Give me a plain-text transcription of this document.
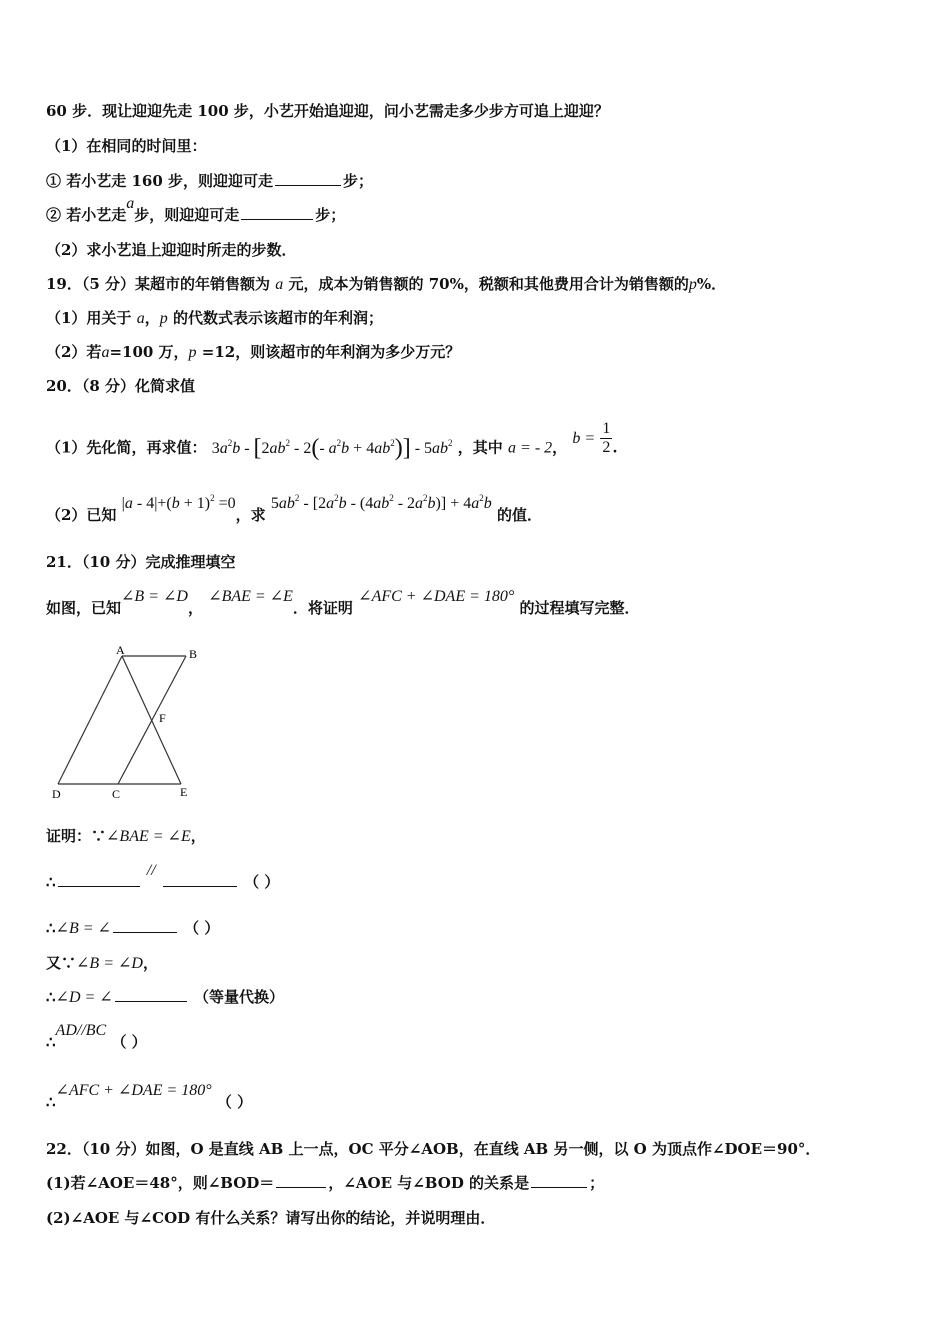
60 步．现让迎迎先走 100 步，小艺开始追迎迎，问小艺需走多少步方可追上迎迎？
（1）在相同的时间里：
① 若小艺走 160 步，则迎迎可走	步；
② 若小艺走a步，则迎迎可走	步；
（2）求小艺追上迎迎时所走的步数．
19．（5 分）某超市的年销售额为 a 元，成本为销售额的 70%，税额和其他费用合计为销售额的p%．
（1）用关于 a，p 的代数式表示该超市的年利润；
（2）若a=100 万，p =12，则该超市的年利润为多少万元？
20．（8 分）化简求值
（1）先化简，再求值： $3a^2b - [2ab^2 - 2(-$ $a^2b + 4ab^2)] - 5ab^2$ ，其中 a = - 2， $b = \frac{1}{2}$ .
（2）已知 $|a - 4|+(b + 1)^2 =0$，求 $5ab^2 - [2a^2b - (4ab^2 - 2a^2b)] + 4a^2b$ 的值．
21．（10 分）完成推理填空
如图，已知∠B = ∠D， ∠BAE = ∠E．将证明 ∠AFC + ∠DAE = 180° 的过程填写完整．
A	B
F
D	C	E
证明：∵∠BAE = ∠E，
∴ //  （ ）
∴∠B = ∠	（ ）
又∵∠B = ∠D，
∴∠D = ∠	（等量代换）
∴AD//BC （ ）
∴∠AFC + ∠DAE = 180° （ ）
22．（10 分）如图，O 是直线 AB 上一点，OC 平分∠AOB，在直线 AB 另一侧，以 O 为顶点作∠DOE＝90°．
(1)若∠AOE＝48°，则∠BOD＝	，∠AOE 与∠BOD 的关系是	；
(2)∠AOE 与∠COD 有什么关系？请写出你的结论，并说明理由．
